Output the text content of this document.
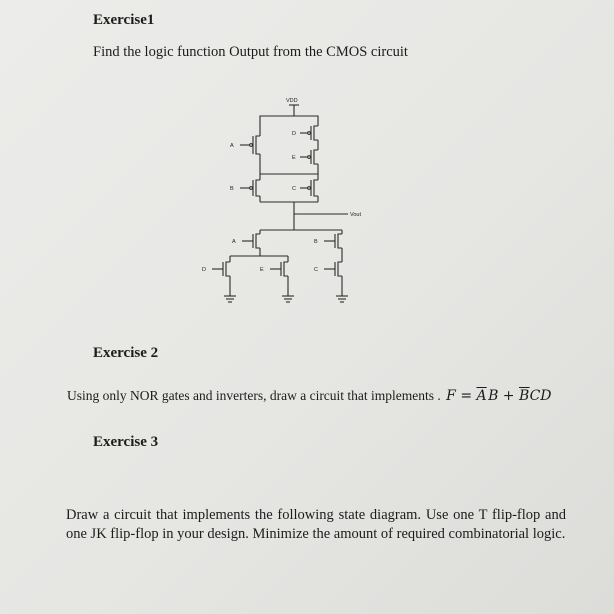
Exercise1
Find the logic function Output from the CMOS circuit
VDD
A
D
E
B	C
Vout
A	B
D	E	C
Exercise 2
Using only NOR gates and inverters, draw a circuit that implements . $F = \overline{A}$ $B + \overline{B}CD$
Exercise 3
Draw a circuit that implements the following state diagram. Use one T flip-flop and one JK flip-flop in your design. Minimize the amount of required combinatorial logic.
